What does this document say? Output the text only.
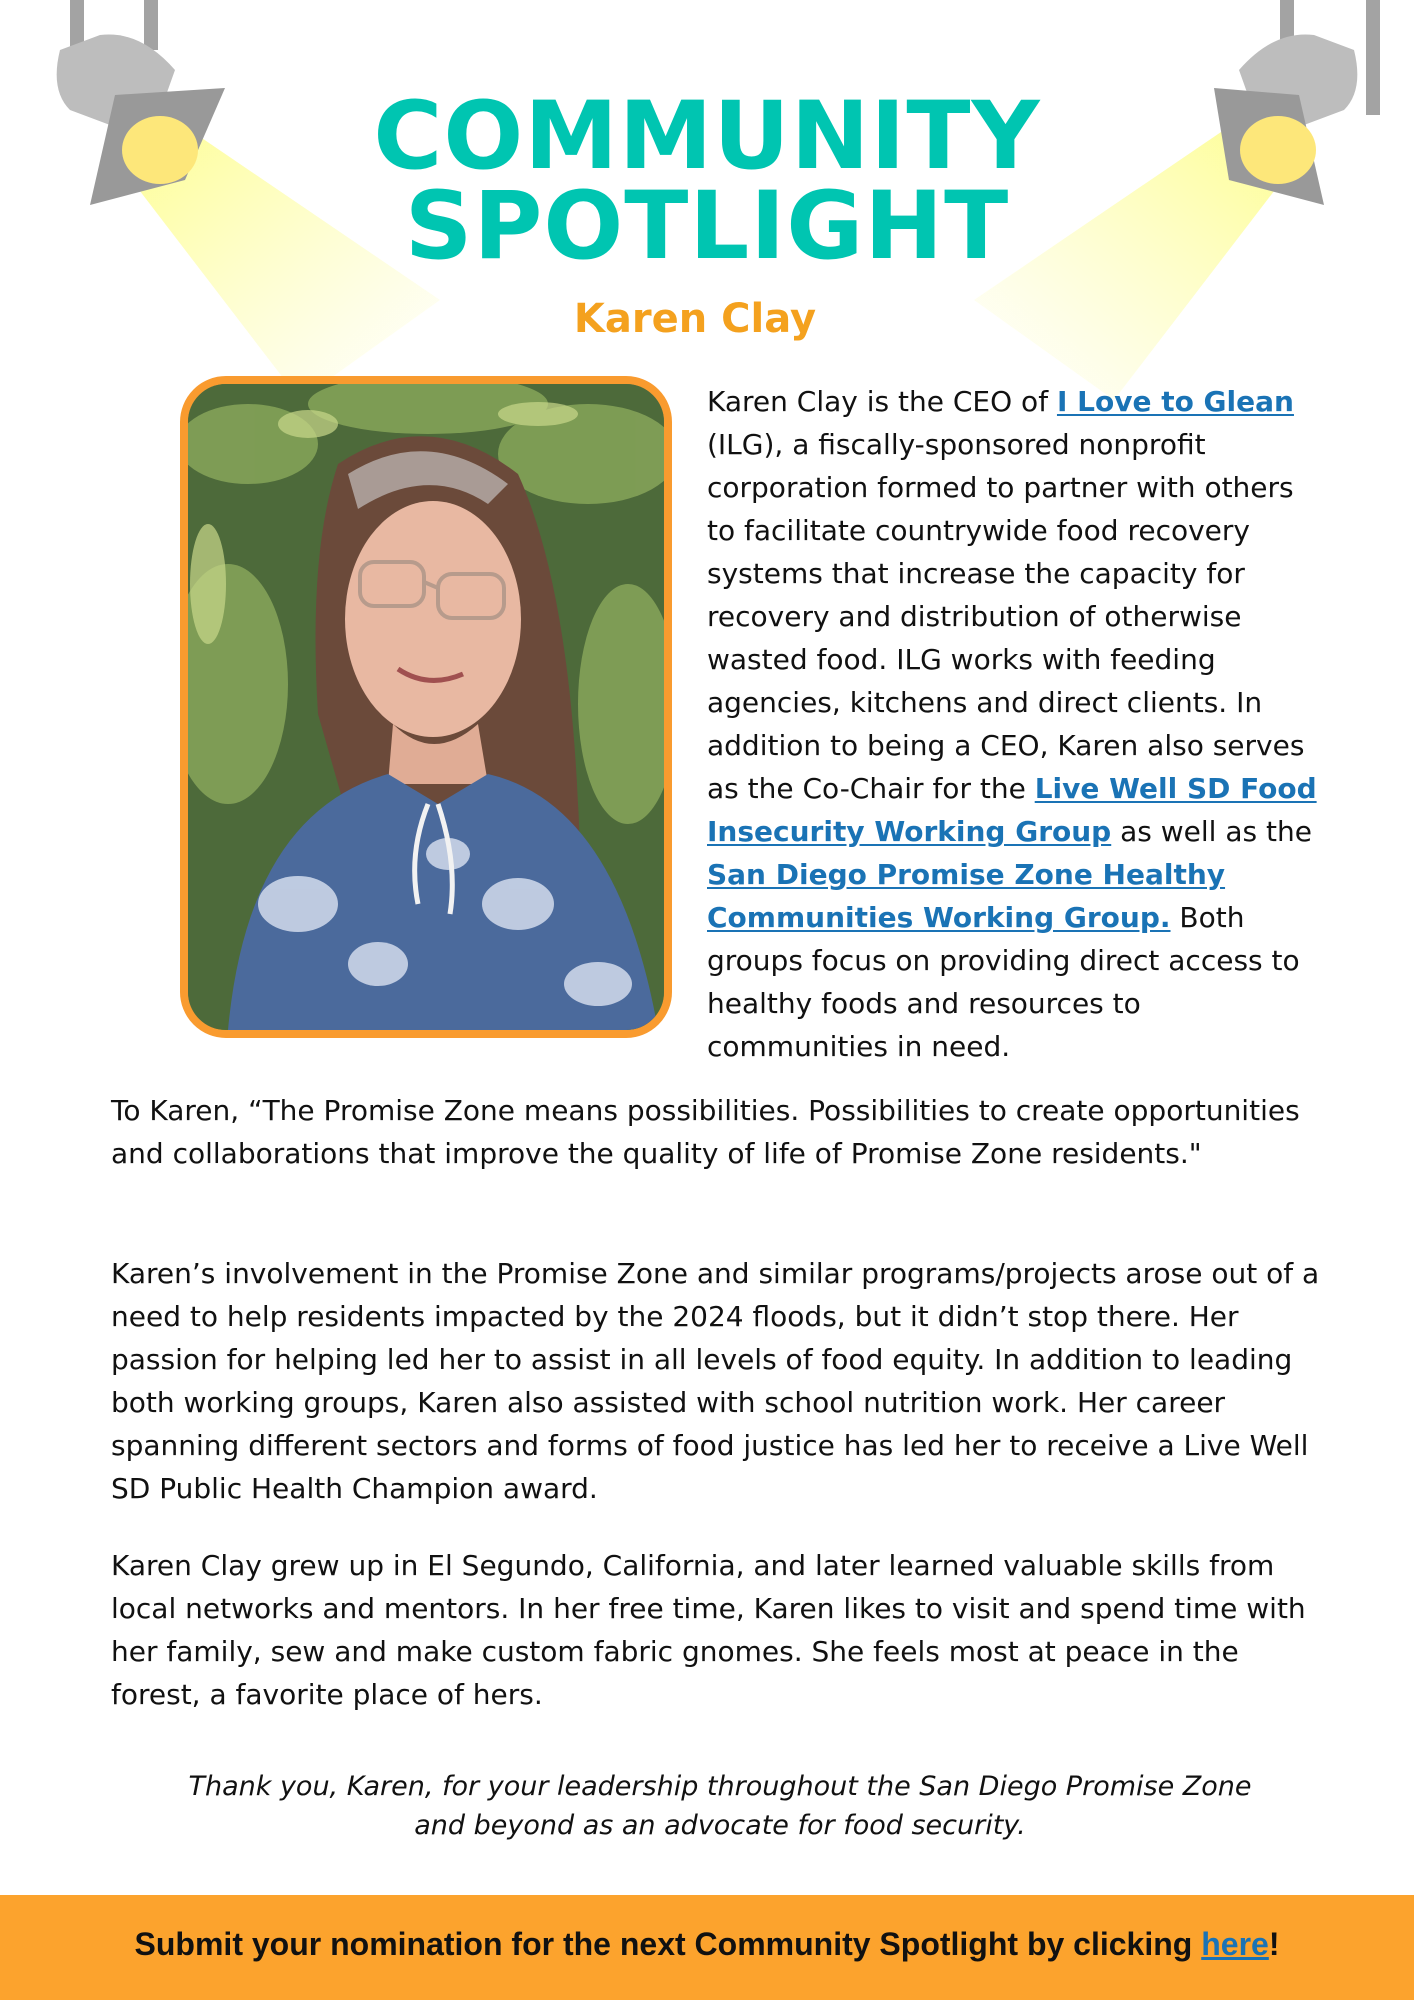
COMMUNITY
SPOTLIGHT
Karen Clay

Karen Clay is the CEO of I Love to Glean (ILG), a fiscally-sponsored nonprofit corporation formed to partner with others to facilitate countrywide food recovery systems that increase the capacity for recovery and distribution of otherwise wasted food. ILG works with feeding agencies, kitchens and direct clients. In addition to being a CEO, Karen also serves as the Co-Chair for the Live Well SD Food Insecurity Working Group as well as the San Diego Promise Zone Healthy Communities Working Group. Both groups focus on providing direct access to healthy foods and resources to communities in need.

To Karen, “The Promise Zone means possibilities. Possibilities to create opportunities and collaborations that improve the quality of life of Promise Zone residents."

Karen’s involvement in the Promise Zone and similar programs/projects arose out of a need to help residents impacted by the 2024 floods, but it didn’t stop there. Her passion for helping led her to assist in all levels of food equity. In addition to leading both working groups, Karen also assisted with school nutrition work. Her career spanning different sectors and forms of food justice has led her to receive a Live Well SD Public Health Champion award.

Karen Clay grew up in El Segundo, California, and later learned valuable skills from local networks and mentors. In her free time, Karen likes to visit and spend time with her family, sew and make custom fabric gnomes. She feels most at peace in the forest, a favorite place of hers.

Thank you, Karen, for your leadership throughout the San Diego Promise Zone
and beyond as an advocate for food security.

Submit your nomination for the next Community Spotlight by clicking here!
